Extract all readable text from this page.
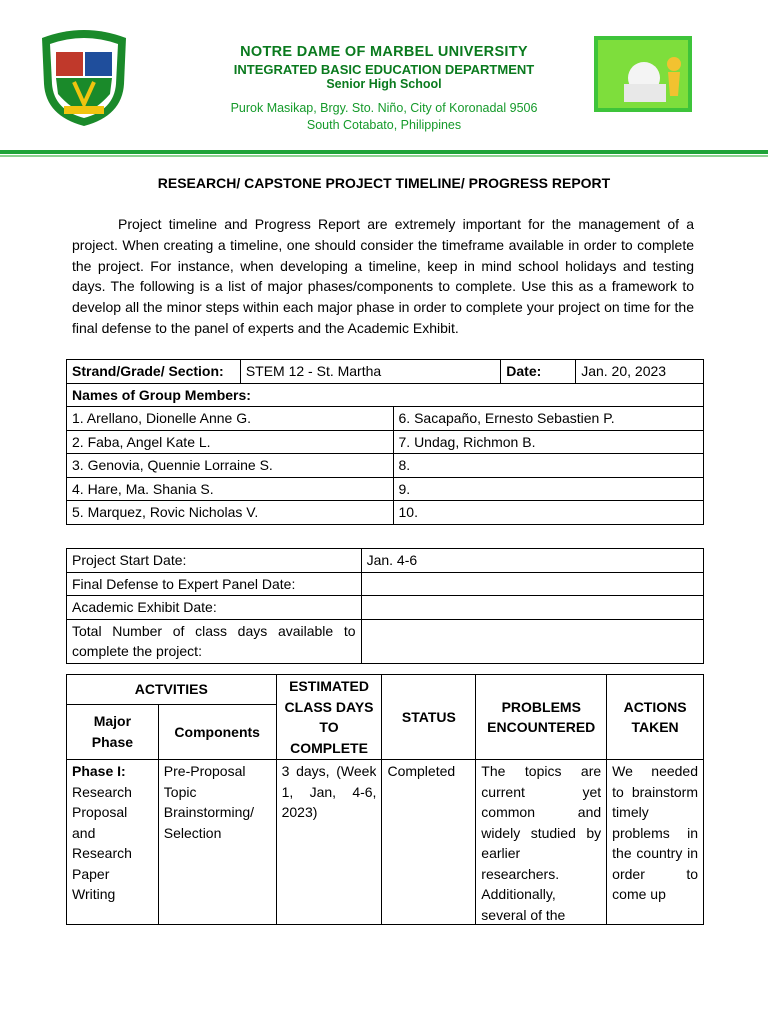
NOTRE DAME OF MARBEL UNIVERSITY
INTEGRATED BASIC EDUCATION DEPARTMENT
Senior High School
Purok Masikap, Brgy. Sto. Niño, City of Koronadal 9506
South Cotabato, Philippines
RESEARCH/ CAPSTONE PROJECT TIMELINE/ PROGRESS REPORT

Project timeline and Progress Report are extremely important for the management of a project. When creating a timeline, one should consider the timeframe available in order to complete the project. For instance, when developing a timeline, keep in mind school holidays and testing days. The following is a list of major phases/components to complete. Use this as a framework to develop all the minor steps within each major phase in order to complete your project on time for the final defense to the panel of experts and the Academic Exhibit.

Strand/Grade/ Section:	STEM 12 - St. Martha		Date:	Jan. 20, 2023
Names of Group Members:				
1. Arellano, Dionelle Anne G.		6. Sacapaño, Ernesto Sebastien P.		
2. Faba, Angel Kate L.		7. Undag, Richmon B.		
3. Genovia, Quennie Lorraine S.		8.		
4. Hare, Ma. Shania S.		9.		
5. Marquez, Rovic Nicholas V.		10.		
Project Start Date:	Jan. 4-6
Final Defense to Expert Panel Date:	
Academic Exhibit Date:	
Total Number of class days available to complete the project:	
ACTVITIES		ESTIMATED CLASS DAYS TO COMPLETE	STATUS	PROBLEMS ENCOUNTERED	ACTIONS TAKEN
Major Phase	Components				

Phase I:
Research Proposal and Research Paper Writing	Pre-Proposal Topic Brainstorming/ Selection	3 days, (Week 1, Jan, 4-6, 2023)	Completed	The topics are current yet common and widely studied by earlier researchers. Additionally, several of the	We needed to brainstorm timely problems in the country in order to come up
